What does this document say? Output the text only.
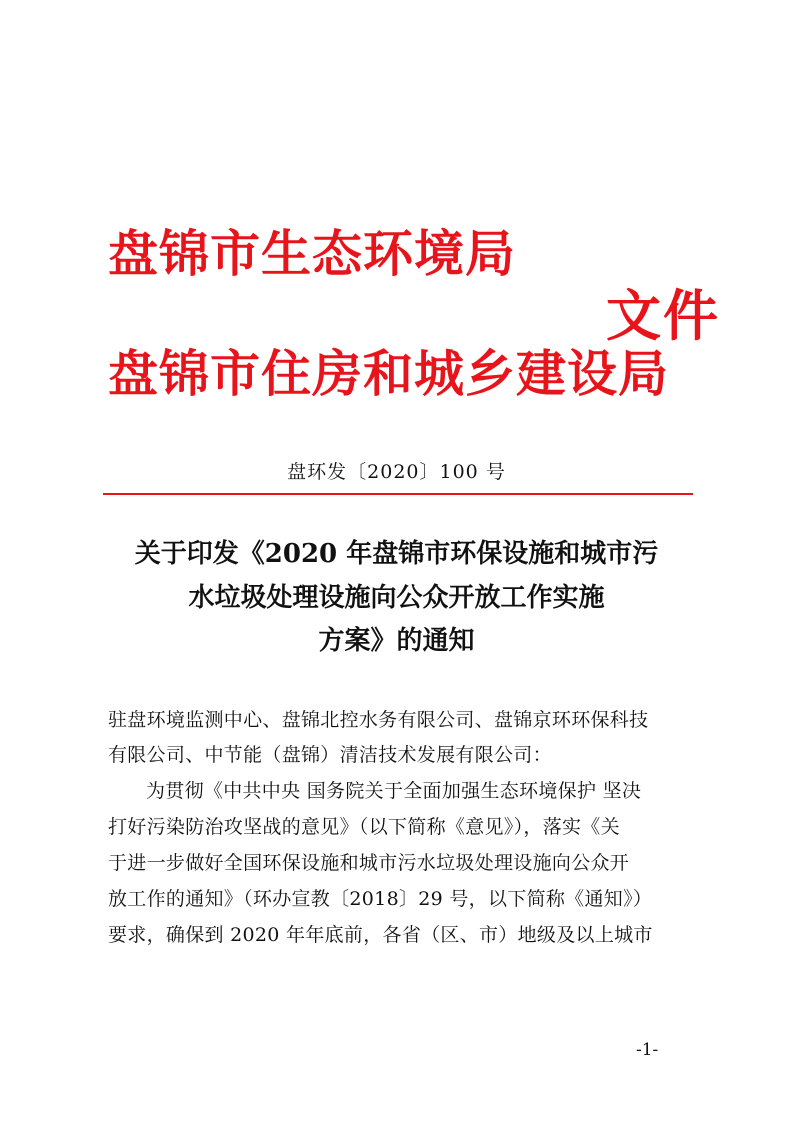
盘锦市生态环境局
文件
盘锦市住房和城乡建设局
盘环发〔2020〕100 号
关于印发《2020 年盘锦市环保设施和城市污
水垃圾处理设施向公众开放工作实施
方案》的通知
驻盘环境监测中心、盘锦北控水务有限公司、盘锦京环环保科技
有限公司、中节能（盘锦）清洁技术发展有限公司：
为贯彻《中共中央 国务院关于全面加强生态环境保护 坚决
打好污染防治攻坚战的意见》（以下简称《意见》），落实《关
于进一步做好全国环保设施和城市污水垃圾处理设施向公众开
放工作的通知》（环办宣教〔2018〕29 号，以下简称《通知》）
要求，确保到 2020 年年底前，各省（区、市）地级及以上城市
-1-
